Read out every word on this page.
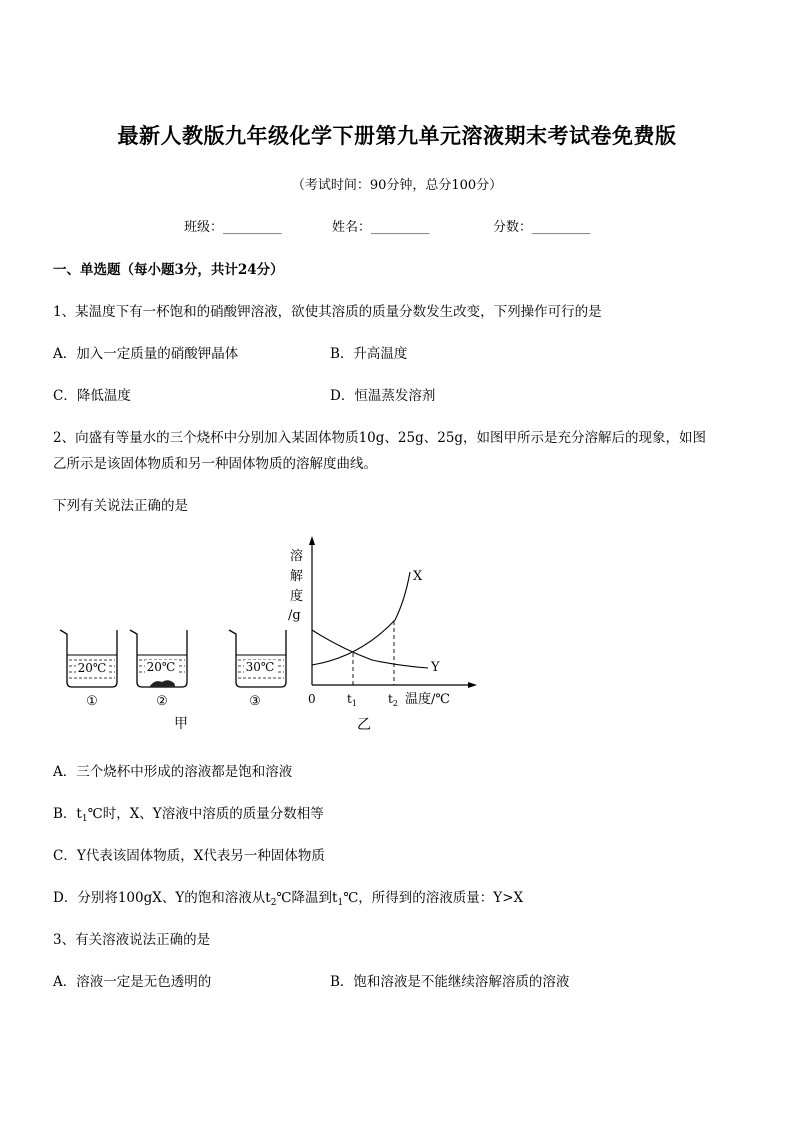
最新人教版九年级化学下册第九单元溶液期末考试卷免费版
（考试时间：90分钟，总分100分）
班级：_________	姓名：_________	分数：_________
一、单选题（每小题3分，共计24分）
1、某温度下有一杯饱和的硝酸钾溶液，欲使其溶质的质量分数发生改变，下列操作可行的是
A．加入一定质量的硝酸钾晶体	B．升高温度
C．降低温度	D．恒温蒸发溶剂
2、向盛有等量水的三个烧杯中分别加入某固体物质10g、25g、25g，如图甲所示是充分溶解后的现象，如图
乙所示是该固体物质和另一种固体物质的溶解度曲线。
下列有关说法正确的是
20℃	20℃	30℃
①	②	③
甲
溶
解
度
/g
X
Y
0	$t_1$	$t_2$ 温度/℃
乙
A．三个烧杯中形成的溶液都是饱和溶液
B．$t_1℃$时，X、Y溶液中溶质的质量分数相等
C．Y代表该固体物质，X代表另一种固体物质
D．分别将100gX、Y的饱和溶液从$t_2℃$降温到$t_1℃$，所得到的溶液质量：Y>X
3、有关溶液说法正确的是
A．溶液一定是无色透明的	B．饱和溶液是不能继续溶解溶质的溶液
